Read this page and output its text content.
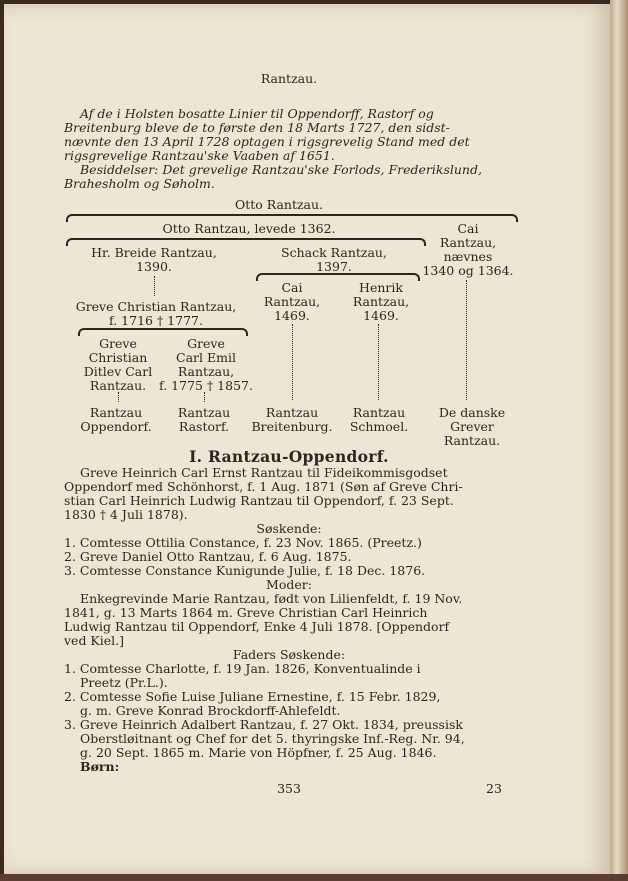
Rantzau.
Af de i Holsten bosatte Linier til Oppendorff, Rastorf og
Breitenburg bleve de to første den 18 Marts 1727, den sidst-
nævnte den 13 April 1728 optagen i rigsgrevelig Stand med det
rigsgrevelige Rantzau'ske Vaaben af 1651.
Besiddelser: Det grevelige Rantzau'ske Forlods, Frederikslund,
Brahesholm og Søholm.
Otto Rantzau.
Otto Rantzau, levede 1362.	Cai
Rantzau,
nævnes
1340 og 1364.
Hr. Breide Rantzau,
1390.
Schack Rantzau,
1397.
Cai
Rantzau,
1469.
Henrik
Rantzau,
1469.
Greve Christian Rantzau,
f. 1716 † 1777.
Greve
Christian
Ditlev Carl
Rantzau.
Greve
Carl Emil
Rantzau,
f. 1775 † 1857.
Rantzau
Oppendorf.
Rantzau
Rastorf.
Rantzau
Breitenburg.
Rantzau
Schmoel.
De danske
Grever
Rantzau.
I. Rantzau-Oppendorf.
Greve Heinrich Carl Ernst Rantzau til Fideikommisgodset
Oppendorf med Schönhorst, f. 1 Aug. 1871 (Søn af Greve Chri-
stian Carl Heinrich Ludwig Rantzau til Oppendorf, f. 23 Sept.
1830 † 4 Juli 1878).
Søskende:
1. Comtesse Ottilia Constance, f. 23 Nov. 1865. (Preetz.)
2. Greve Daniel Otto Rantzau, f. 6 Aug. 1875.
3. Comtesse Constance Kunigunde Julie, f. 18 Dec. 1876.
Moder:
Enkegrevinde Marie Rantzau, født von Lilienfeldt, f. 19 Nov.
1841, g. 13 Marts 1864 m. Greve Christian Carl Heinrich
Ludwig Rantzau til Oppendorf, Enke 4 Juli 1878. [Oppendorf
ved Kiel.]
Faders Søskende:
1. Comtesse Charlotte, f. 19 Jan. 1826, Konventualinde i
Preetz (Pr.L.).
2. Comtesse Sofie Luise Juliane Ernestine, f. 15 Febr. 1829,
g. m. Greve Konrad Brockdorff-Ahlefeldt.
3. Greve Heinrich Adalbert Rantzau, f. 27 Okt. 1834, preussisk
Oberstløitnant og Chef for det 5. thyringske Inf.-Reg. Nr. 94,
g. 20 Sept. 1865 m. Marie von Höpfner, f. 25 Aug. 1846.
Børn:
353	23
